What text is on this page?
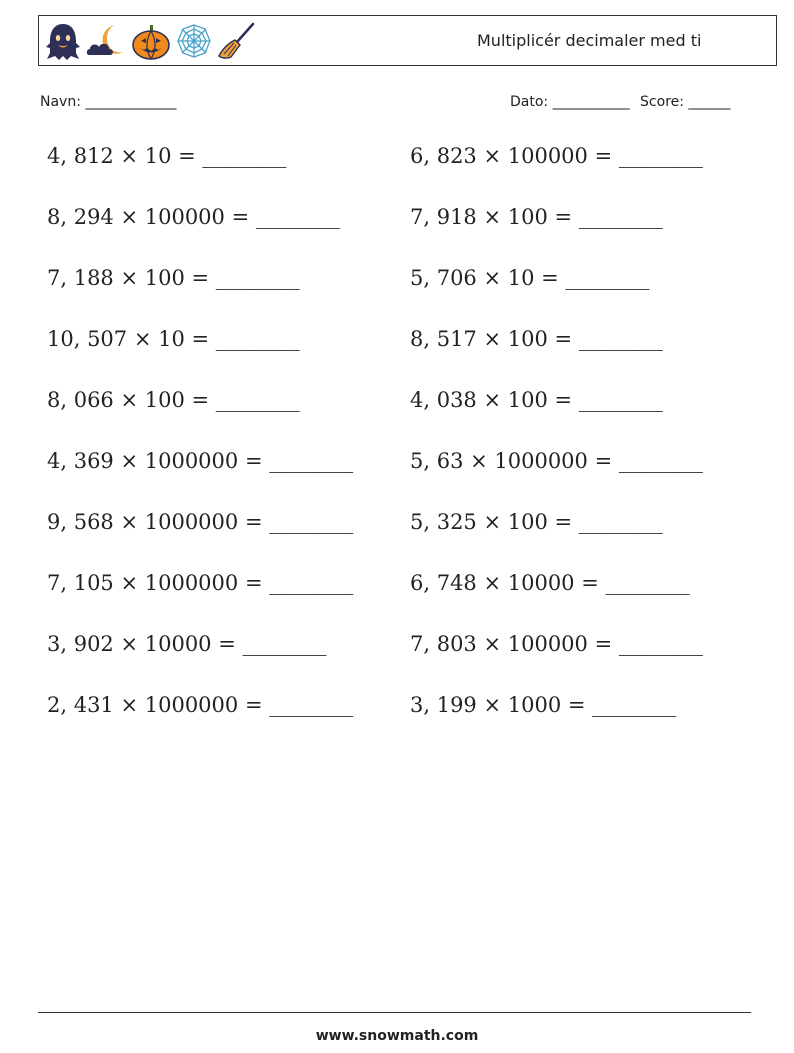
Multiplicér decimaler med ti
Navn: _____________	Dato: ___________ Score: ______
4, 812 × 10 = ________	6, 823 × 100000 = ________
8, 294 × 100000 = ________	7, 918 × 100 = ________
7, 188 × 100 = ________	5, 706 × 10 = ________
10, 507 × 10 = ________	8, 517 × 100 = ________
8, 066 × 100 = ________	4, 038 × 100 = ________
4, 369 × 1000000 = ________	5, 63 × 1000000 = ________
9, 568 × 1000000 = ________	5, 325 × 100 = ________
7, 105 × 1000000 = ________	6, 748 × 10000 = ________
3, 902 × 10000 = ________	7, 803 × 100000 = ________
2, 431 × 1000000 = ________	3, 199 × 1000 = ________
www.snowmath.com
